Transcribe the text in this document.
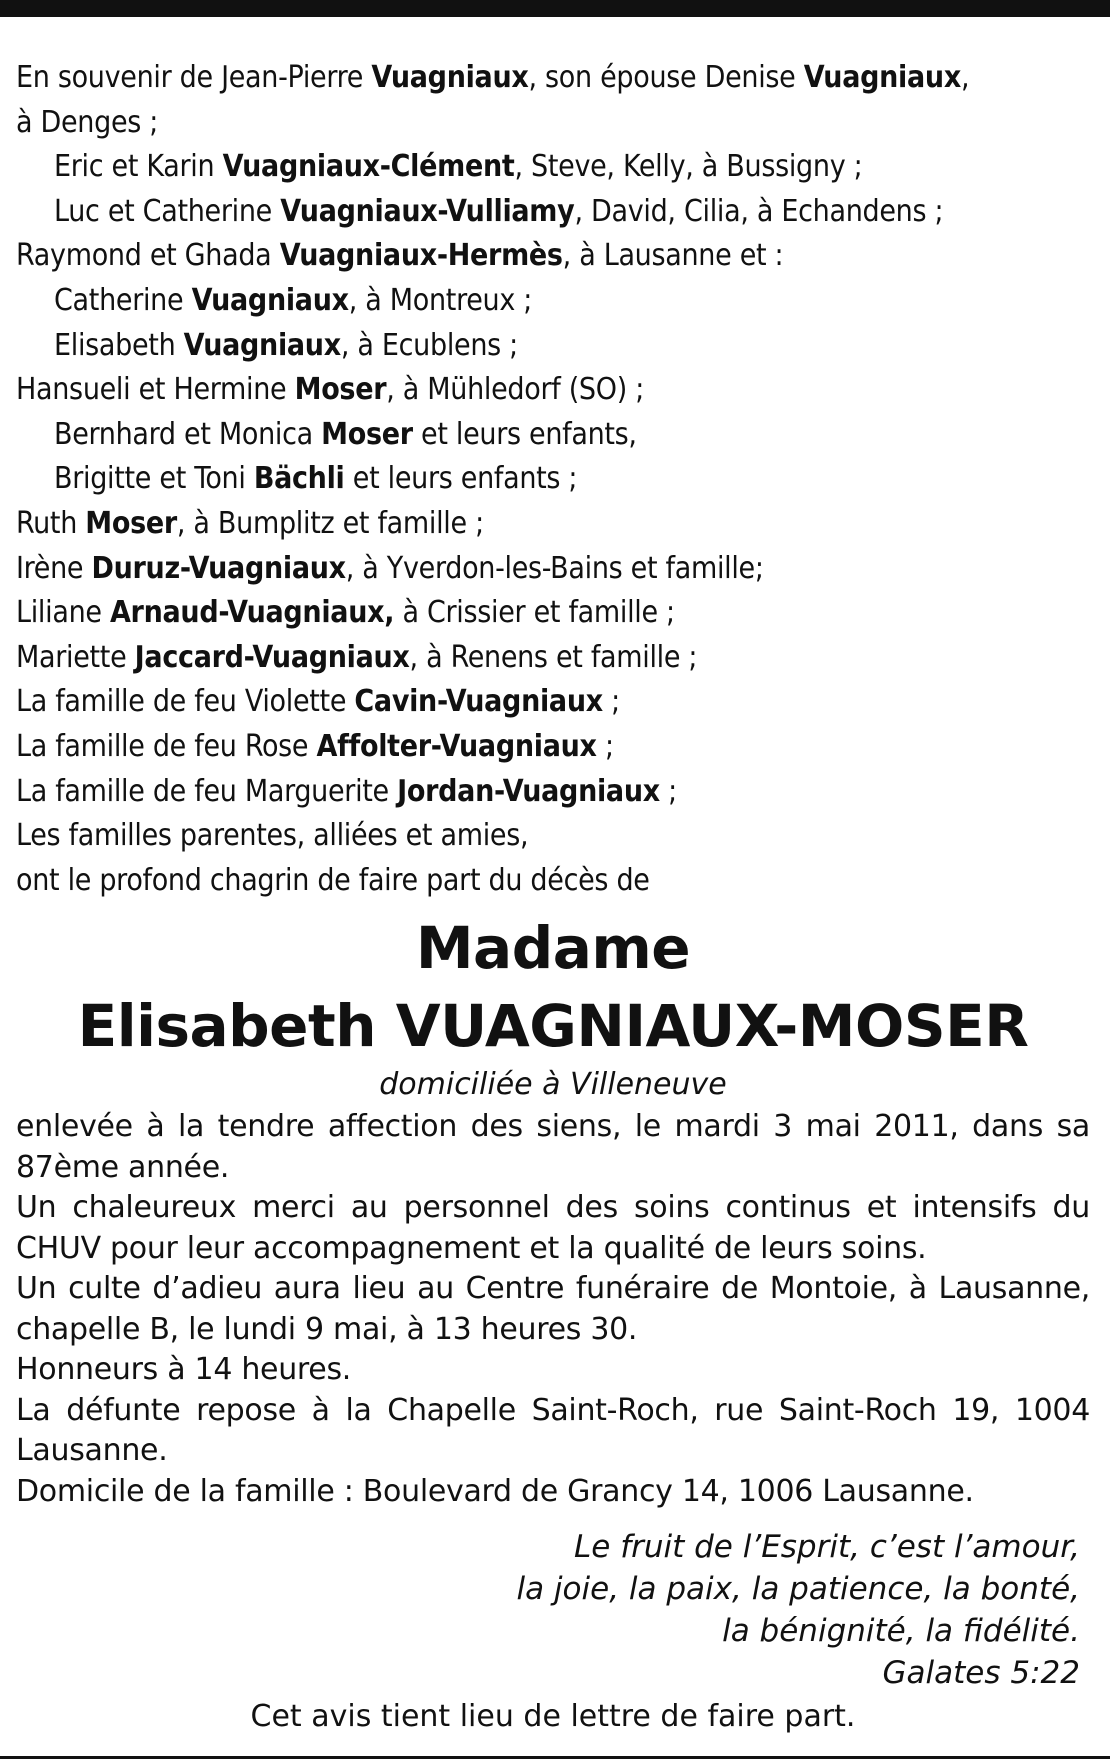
En souvenir de Jean-Pierre Vuagniaux, son épouse Denise Vuagniaux,
à Denges ;
Eric et Karin Vuagniaux-Clément, Steve, Kelly, à Bussigny ;
Luc et Catherine Vuagniaux-Vulliamy, David, Cilia, à Echandens ;
Raymond et Ghada Vuagniaux-Hermès, à Lausanne et :
Catherine Vuagniaux, à Montreux ;
Elisabeth Vuagniaux, à Ecublens ;
Hansueli et Hermine Moser, à Mühledorf (SO) ;
Bernhard et Monica Moser et leurs enfants,
Brigitte et Toni Bächli et leurs enfants ;
Ruth Moser, à Bumplitz et famille ;
Irène Duruz-Vuagniaux, à Yverdon-les-Bains et famille;
Liliane Arnaud-Vuagniaux, à Crissier et famille ;
Mariette Jaccard-Vuagniaux, à Renens et famille ;
La famille de feu Violette Cavin-Vuagniaux ;
La famille de feu Rose Affolter-Vuagniaux ;
La famille de feu Marguerite Jordan-Vuagniaux ;
Les familles parentes, alliées et amies,
ont le profond chagrin de faire part du décès de
Madame
Elisabeth VUAGNIAUX-MOSER
domiciliée à Villeneuve
enlevée à la tendre affection des siens, le mardi 3 mai 2011, dans sa 87ème année.
Un chaleureux merci au personnel des soins continus et intensifs du CHUV pour leur accompagnement et la qualité de leurs soins.
Un culte d’adieu aura lieu au Centre funéraire de Montoie, à Lausanne, chapelle B, le lundi 9 mai, à 13 heures 30.
Honneurs à 14 heures.
La défunte repose à la Chapelle Saint-Roch, rue Saint-Roch 19, 1004 Lausanne.
Domicile de la famille : Boulevard de Grancy 14, 1006 Lausanne.
Le fruit de l’Esprit, c’est l’amour,
la joie, la paix, la patience, la bonté,
la bénignité, la fidélité.
Galates 5:22
Cet avis tient lieu de lettre de faire part.
